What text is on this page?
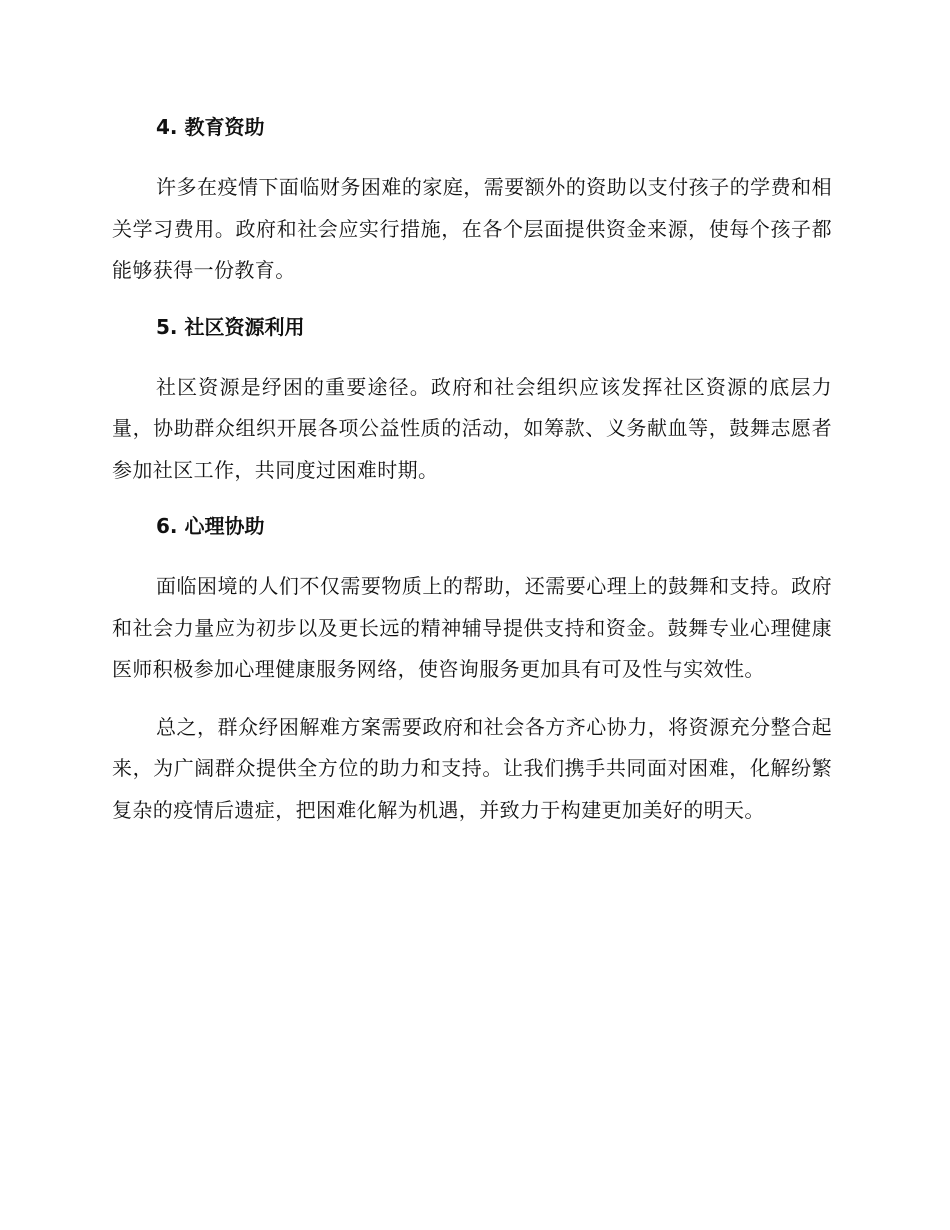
4. 教育资助

许多在疫情下面临财务困难的家庭，需要额外的资助以支付孩子的学费和相关学习费用。政府和社会应实行措施，在各个层面提供资金来源，使每个孩子都能够获得一份教育。

5. 社区资源利用

社区资源是纾困的重要途径。政府和社会组织应该发挥社区资源的底层力量，协助群众组织开展各项公益性质的活动，如筹款、义务献血等，鼓舞志愿者参加社区工作，共同度过困难时期。

6. 心理协助

面临困境的人们不仅需要物质上的帮助，还需要心理上的鼓舞和支持。政府和社会力量应为初步以及更长远的精神辅导提供支持和资金。鼓舞专业心理健康医师积极参加心理健康服务网络，使咨询服务更加具有可及性与实效性。

总之，群众纾困解难方案需要政府和社会各方齐心协力，将资源充分整合起来，为广阔群众提供全方位的助力和支持。让我们携手共同面对困难，化解纷繁复杂的疫情后遗症，把困难化解为机遇，并致力于构建更加美好的明天。
